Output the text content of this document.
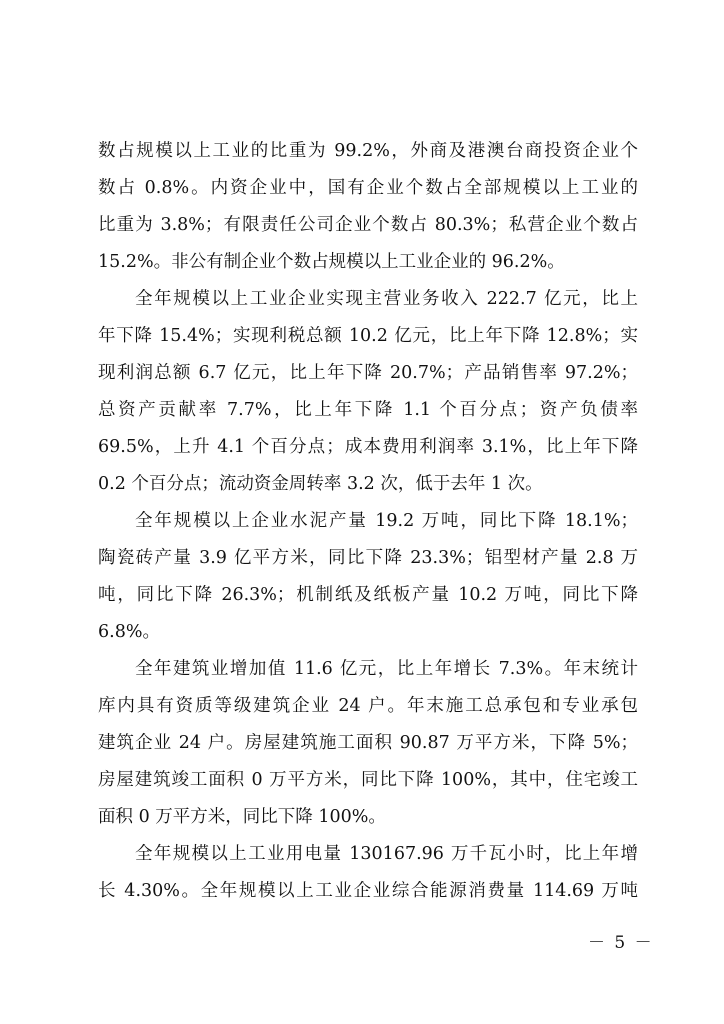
数占规模以上工业的比重为 99.2%，外商及港澳台商投资企业个
数占 0.8%。内资企业中，国有企业个数占全部规模以上工业的
比重为 3.8%；有限责任公司企业个数占 80.3%；私营企业个数占
15.2%。非公有制企业个数占规模以上工业企业的 96.2%。
全年规模以上工业企业实现主营业务收入 222.7 亿元，比上
年下降 15.4%；实现利税总额 10.2 亿元，比上年下降 12.8%；实
现利润总额 6.7 亿元，比上年下降 20.7%；产品销售率 97.2%；
总资产贡献率 7.7%，比上年下降 1.1 个百分点；资产负债率
69.5%，上升 4.1 个百分点；成本费用利润率 3.1%，比上年下降
0.2 个百分点；流动资金周转率 3.2 次，低于去年 1 次。
全年规模以上企业水泥产量 19.2 万吨，同比下降 18.1%；
陶瓷砖产量 3.9 亿平方米，同比下降 23.3%；铝型材产量 2.8 万
吨，同比下降 26.3%；机制纸及纸板产量 10.2 万吨，同比下降
6.8%。
全年建筑业增加值 11.6 亿元，比上年增长 7.3%。年末统计
库内具有资质等级建筑企业 24 户。年末施工总承包和专业承包
建筑企业 24 户。房屋建筑施工面积 90.87 万平方米，下降 5%；
房屋建筑竣工面积 0 万平方米，同比下降 100%，其中，住宅竣工
面积 0 万平方米，同比下降 100%。
全年规模以上工业用电量 130167.96 万千瓦小时，比上年增
长 4.30%。全年规模以上工业企业综合能源消费量 114.69 万吨
－ 5 －
